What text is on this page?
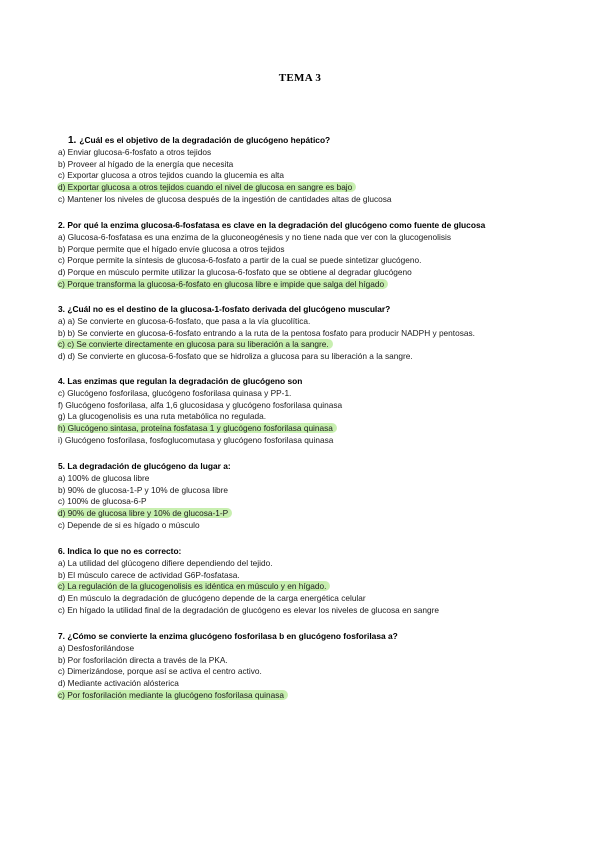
TEMA 3
1. ¿Cuál es el objetivo de la degradación de glucógeno hepático?
a) Enviar glucosa-6-fosfato a otros tejidos
b) Proveer al hígado de la energía que necesita
c) Exportar glucosa a otros tejidos cuando la glucemia es alta
d) Exportar glucosa a otros tejidos cuando el nivel de glucosa en sangre es bajo
c) Mantener los niveles de glucosa después de la ingestión de cantidades altas de glucosa
2. Por qué la enzima glucosa-6-fosfatasa es clave en la degradación del glucógeno como fuente de glucosa
a) Glucosa-6-fosfatasa es una enzima de la gluconeogénesis y no tiene nada que ver con la glucogenolisis
b) Porque permite que el hígado envíe glucosa a otros tejidos
c) Porque permite la síntesis de glucosa-6-fosfato a partir de la cual se puede sintetizar glucógeno.
d) Porque en músculo permite utilizar la glucosa-6-fosfato que se obtiene al degradar glucógeno
c) Porque transforma la glucosa-6-fosfato en glucosa libre e impide que salga del hígado
3. ¿Cuál no es el destino de la glucosa-1-fosfato derivada del glucógeno muscular?
a) a) Se convierte en glucosa-6-fosfato, que pasa a la vía glucolítica.
b) b) Se convierte en glucosa-6-fosfato entrando a la ruta de la pentosa fosfato para producir NADPH y pentosas.
c) c) Se convierte directamente en glucosa para su liberación a la sangre.
d) d) Se convierte en glucosa-6-fosfato que se hidroliza a glucosa para su liberación a la sangre.
4. Las enzimas que regulan la degradación de glucógeno son
c) Glucógeno fosforilasa, glucógeno fosforilasa quinasa y PP-1.
f) Glucógeno fosforilasa, alfa 1,6 glucosidasa y glucógeno fosforilasa quinasa
g) La glucogenolisis es una ruta metabólica no regulada.
h) Glucógeno sintasa, proteína fosfatasa 1 y glucógeno fosforilasa quinasa
i) Glucógeno fosforilasa, fosfoglucomutasa y glucógeno fosforilasa quinasa
5. La degradación de glucógeno da lugar a:
a) 100% de glucosa libre
b) 90% de glucosa-1-P y 10% de glucosa libre
c) 100% de glucosa-6-P
d) 90% de glucosa libre y 10% de glucosa-1-P
c) Depende de si es hígado o músculo
6. Indica lo que no es correcto:
a) La utilidad del glúcogeno difiere dependiendo del tejido.
b) El músculo carece de actividad G6P-fosfatasa.
c) La regulación de la glucogenolisis es idéntica en músculo y en hígado.
d) En músculo la degradación de glucógeno depende de la carga energética celular
c) En hígado la utilidad final de la degradación de glucógeno es elevar los niveles de glucosa en sangre
7. ¿Cómo se convierte la enzima glucógeno fosforilasa b en glucógeno fosforilasa a?
a) Desfosforilándose
b) Por fosforilación directa a través de la PKA.
c) Dimerizándose, porque así se activa el centro activo.
d) Mediante activación alósterica
c) Por fosforilación mediante la glucógeno fosforilasa quinasa
